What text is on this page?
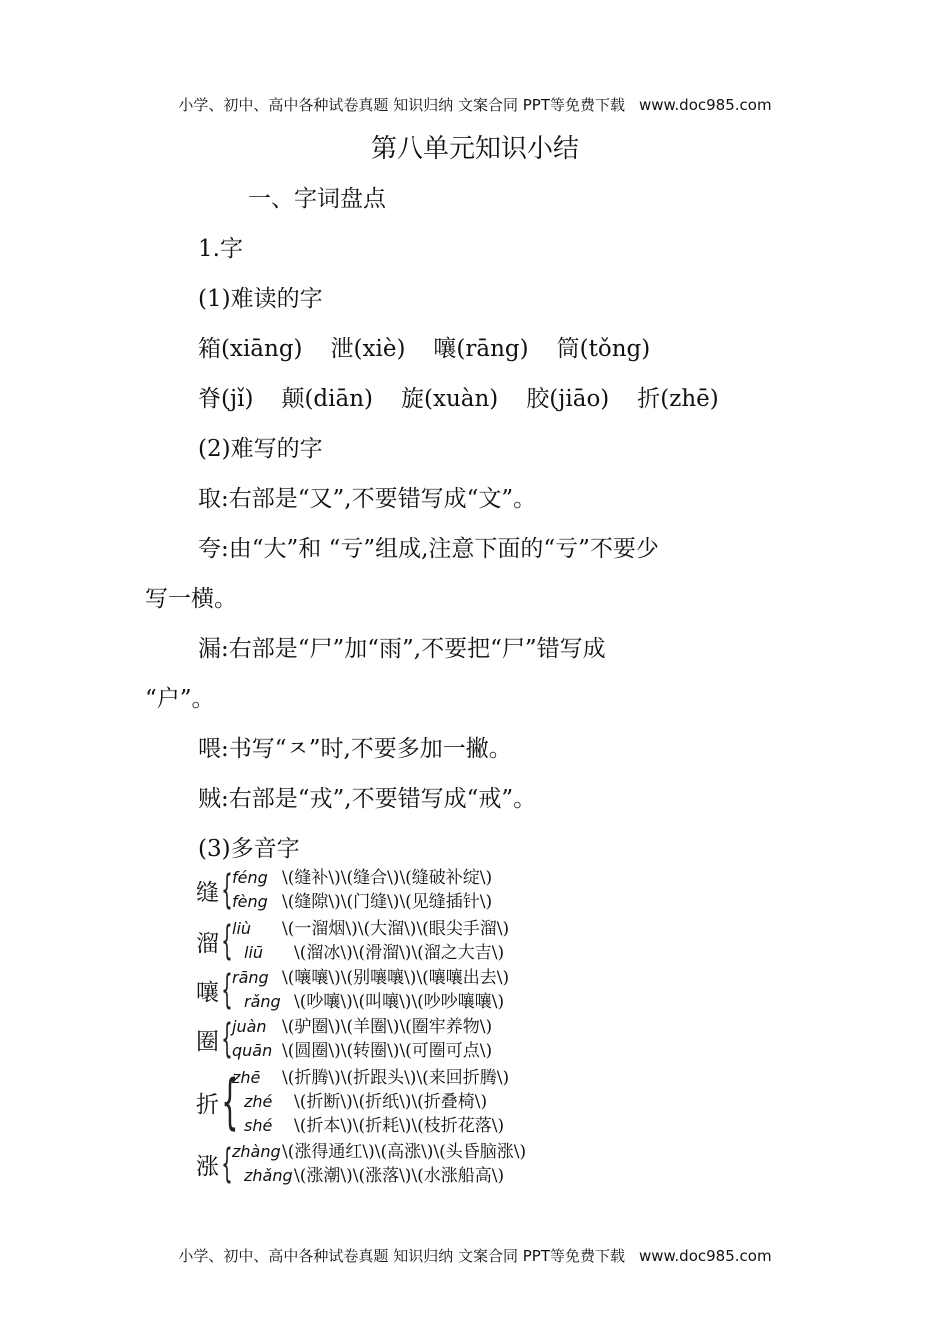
小学、初中、高中各种试卷真题 知识归纳 文案合同 PPT等免费下载 www.doc985.com
第八单元知识小结
一、字词盘点
1.字
(1)难读的字
箱(xiāng) 泄(xiè) 嚷(rāng) 筒(tǒng)
脊(jǐ) 颠(diān) 旋(xuàn) 胶(jiāo) 折(zhē)
(2)难写的字
取:右部是“又”,不要错写成“文”。
夸:由“大”和 “亏”组成,注意下面的“亏”不要少
写一横。
漏:右部是“尸”加“雨”,不要把“尸”错写成
“户”。
喂:书写“ㅈ”时,不要多加一撇。
贼:右部是“戎”,不要错写成“戒”。
(3)多音字
缝 { féng \(缝补\)\(缝合\)\(缝破补绽\)
fèng \(缝隙\)\(门缝\)\(见缝插针\)
溜 { liù \(一溜烟\)\(大溜\)\(眼尖手溜\)
liū \(溜冰\)\(滑溜\)\(溜之大吉\)
嚷 { rāng \(嚷嚷\)\(别嚷嚷\)\(嚷嚷出去\)
rǎng \(吵嚷\)\(叫嚷\)\(吵吵嚷嚷\)
圈 { juàn \(驴圈\)\(羊圈\)\(圈牢养物\)
quān \(圆圈\)\(转圈\)\(可圈可点\)
折 {
zhē \(折腾\)\(折跟头\)\(来回折腾\)
zhé \(折断\)\(折纸\)\(折叠椅\)
shé \(折本\)\(折耗\)\(枝折花落\)
涨 { zhàng\(涨得通红\)\(高涨\)\(头昏脑涨\)
zhǎng\(涨潮\)\(涨落\)\(水涨船高\)
小学、初中、高中各种试卷真题 知识归纳 文案合同 PPT等免费下载 www.doc985.com
